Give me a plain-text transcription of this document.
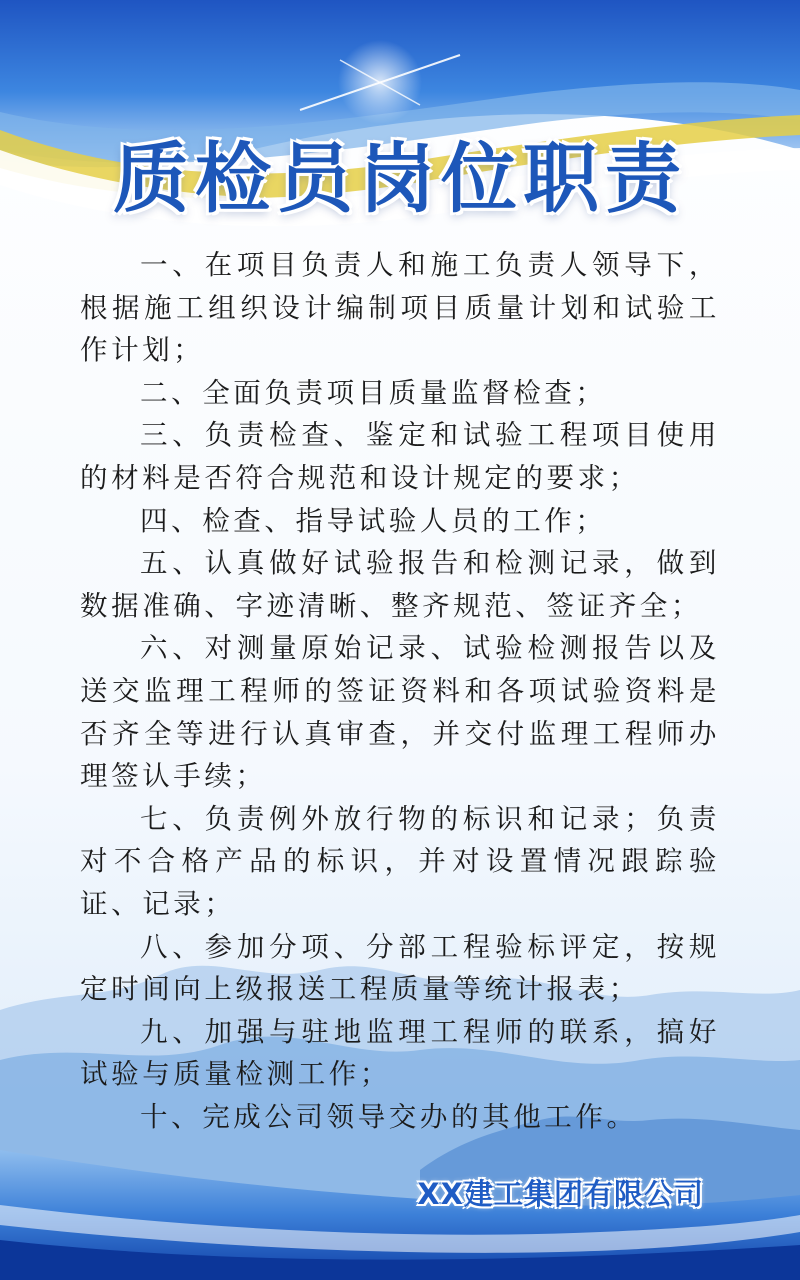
质检员岗位职责

一、在项目负责人和施工负责人领导下，根据施工组织设计编制项目质量计划和试验工作计划；

二、全面负责项目质量监督检查；

三、负责检查、鉴定和试验工程项目使用的材料是否符合规范和设计规定的要求；

四、检查、指导试验人员的工作；

五、认真做好试验报告和检测记录，做到数据准确、字迹清晰、整齐规范、签证齐全；

六、对测量原始记录、试验检测报告以及送交监理工程师的签证资料和各项试验资料是否齐全等进行认真审查，并交付监理工程师办理签认手续；

七、负责例外放行物的标识和记录；负责对不合格产品的标识，并对设置情况跟踪验证、记录；

八、参加分项、分部工程验标评定，按规定时间向上级报送工程质量等统计报表；

九、加强与驻地监理工程师的联系，搞好试验与质量检测工作；

十、完成公司领导交办的其他工作。

XX建工集团有限公司
